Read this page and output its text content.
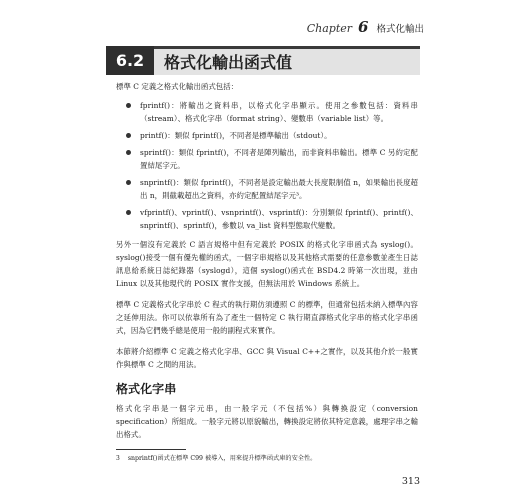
Chapter 6 格式化輸出
6.2	格式化輸出函式值

標準 C 定義之格式化輸出函式包括：

fprintf()：將輸出之資料串，以格式化字串顯示。使用之參數包括：資料串（stream）、格式化字串（format string）、變數串（variable list）等。
printf()：類似 fprintf()，不同者是標準輸出（stdout）。
sprintf()：類似 fprintf()，不同者是陣列輸出，而非資料串輸出。標準 C 另約定配置結尾字元。
snprintf()：類似 fprintf()，不同者是設定輸出最大長度限制值 n，如果輸出長度超出 n，則截載超出之資料，亦約定配置結尾字元³。
vfprintf()、vprintf()、vsnprintf()、vsprintf()：分別類似 fprintf()、printf()、snprintf()、sprintf()，參數以 va_list 資料型態取代變數。

另外一個沒有定義於 C 語言規格中但有定義於 POSIX 的格式化字串函式為 syslog()。syslog()接受一個有優先權的函式，一個字串規格以及其他格式需要的任意參數並產生日誌訊息給系統日誌紀錄器（syslogd），這個 syslog()函式在 BSD4.2 時第一次出現，並由 Linux 以及其他現代的 POSIX 實作支援，但無法用於 Windows 系統上。

標準 C 定義格式化字串於 C 程式的執行期仿須遵照 C 的標準，但通常包括未納入標準內容之延伸用法。你可以依靠所有為了產生一個特定 C 執行期直譯格式化字串的格式化字串函式，因為它們幾乎總是使用一般的副程式來實作。

本節將介紹標準 C 定義之格式化字串、GCC 與 Visual C++之實作，以及其他介於一般實作與標準 C 之間的用法。

格式化字串

格式化字串是一個字元串，由一般字元（不包括%）與轉換設定（conversion specification）所組成。一般字元將以原貌輸出，轉換設定將依其特定意義，處理字串之輸出格式。

3 snprintf()函式在標準 C99 被導入，用來提升標準函式庫的安全性。
313
